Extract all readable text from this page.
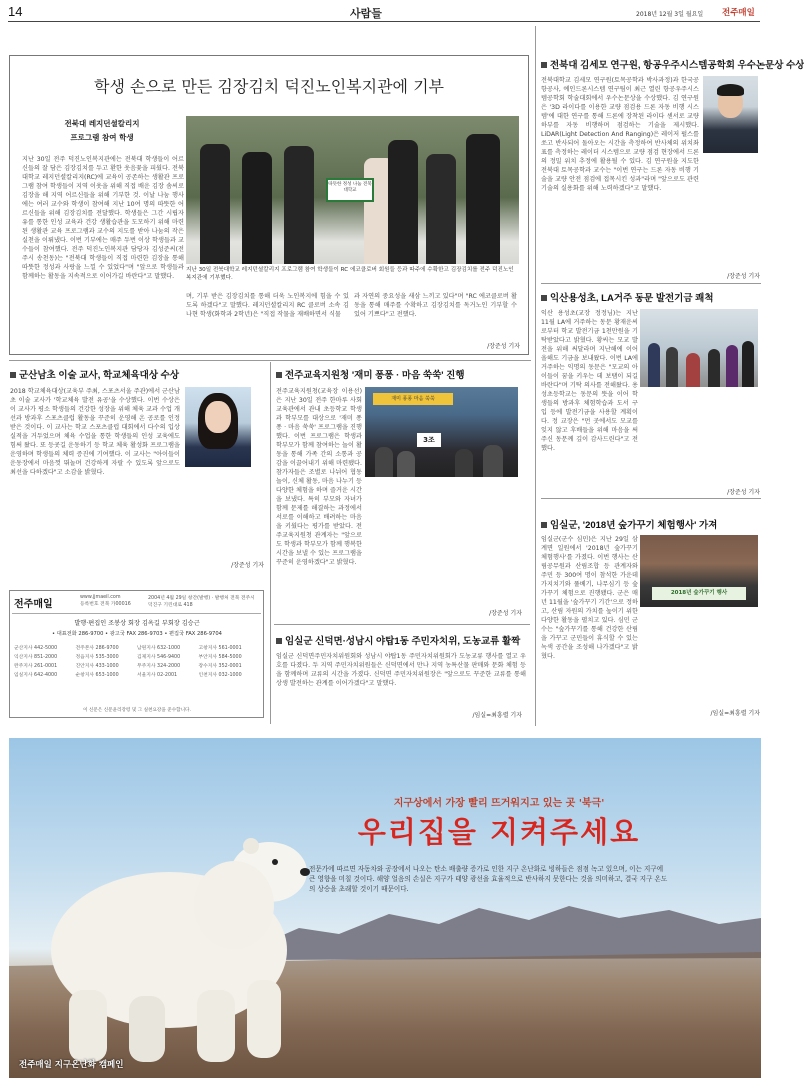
14	사람들	2018년 12월 3일 월요일 전주매일
학생 손으로 만든 김장김치 덕진노인복지관에 기부
전북대 레지던셜칼리지
프로그램 참여 학생
지난 30일 전주 덕진노인복지관에는 전북대 학생들이 어르신들의 잘 담은 김장김치를 두고 환한 웃음꽃을 피웠다. 전북대학교 레지던셜칼리지(RC)에 교육이 공존하는 생활관 프로그램 참여 학생들이 지역 이웃을 위해 직접 배운 김장 솜씨로 김장을 해 지역 어르신들을 위해 기부한 것. 이날 나눔 행사에는 여러 교수와 학생이 참여해 지난 10여 명의 따뜻한 어르신들을 위해 김장김치를 전달했다. 학생들은 그간 시립자유를 통한 인성 교육과 건강 생활습관을 도모하기 위해 마련된 생활관 교육 프로그램과 교수의 지도를 받아 나눔의 작은 실천을 이뤄냈다. 이번 기부에는 매주 두번 이상 학생들과 교수들이 참여했다. 전주 덕진노인복지관 담당자 김성준씨(전주시 송천동)는 "전북대 학생들이 직접 마련한 김장을 통해 따뜻한 정성과 사랑을 느낄 수 있었다"며 "앞으로 학생들과 함께하는 활동을 지속적으로 이어가길 바란다"고 말했다.
따뜻한 정성 나눔 전북대학교
지난 30일 전북대학교 레지던셜칼리지 프로그램 참여 학생들이 RC 에코클로버 회원들 등과 따주에 수확한고 김장김치를 전주 덕진노인복지관에 기부했다.
며, 기부 받은 김장김치를 통해 더욱 노인복지에 힘을 수 있도록 하겠다"고 말했다. 레지던셜칼리지 RC 클로버 소속 김나현 학생(화학과 2학년)은 "직접 작물을 재배하면서 식물
과 자연의 중요성을 새삼 느끼고 있다"며 "RC 에코클로버 활동을 통해 매주를 수확하고 김장김치를 독거노인 기부할 수 있어 기쁘다"고 전했다.
/장준성 기자
전북대 김세모 연구원, 항공우주시스템공학회 우수논문상 수상
전북대학교 김세모 연구원(토목공학과 박사과정)과 한국공항공사, 예인드론시스템 연구팀이 최근 열린 항공우주시스템공학회 학술대회에서 우수논문상을 수상했다. 김 연구원은 '3D 라이다를 이용한 교량 점검용 드론 자동 비행 시스템'에 대한 연구를 통해 드론에 장착된 라이다 센서로 교량 하부를 자동 비행하며 점검하는 기술을 제시했다. LiDAR(Light Detection And Ranging)은 레이저 펄스를 쏘고 반사되어 돌아오는 시간을 측정하여 반사체의 위치좌표를 측정하는 레이더 시스템으로 교량 점검 현장에서 드론의 정밀 위치 추정에 활용될 수 있다. 김 연구원을 지도한 전북대 토목공학과 교수는 "이번 연구는 드론 자동 비행 기술을 교량 안전 점검에 접목시킨 성과"라며 "앞으로도 관련 기술의 실용화를 위해 노력하겠다"고 말했다.
/장준성 기자
익산용성초, LA거주 동문 발전기금 쾌척
익산 용성초(교장 정정님)는 지난 11월 LA에 거주하는 동문 황재운씨로부터 학교 발전기금 1천만원을 기탁받았다고 밝혔다. 황씨는 모교 발전을 위해 써달라며 지난해에 이어 올해도 기금을 보내왔다. 이번 LA에 거주하는 익명의 동문은 "모교의 아이들이 꿈을 키우는 데 보탬이 되길 바란다"며 기탁 의사를 전해왔다. 용성초등학교는 동문의 뜻을 이어 학생들의 방과후 체험학습과 도서 구입 등에 발전기금을 사용할 계획이다. 정 교장은 "먼 곳에서도 모교를 잊지 않고 후배들을 위해 마음을 써주신 동문께 깊이 감사드린다"고 전했다.
/장준성 기자
임실군, '2018년 숲가꾸기 체험행사' 가져
임실군(군수 심민)은 지난 29일 삼계면 일원에서 '2018년 숲가꾸기 체험행사'를 가졌다. 이번 행사는 산림공무원과 산림조합 등 관계자와 주민 등 300여 명이 참석한 가운데 가지치기와 풀베기, 나무심기 등 숲가꾸기 체험으로 진행됐다. 군은 매년 11월을 '숲가꾸기 기간'으로 정하고, 산림 자원의 가치를 높이기 위한 다양한 활동을 펼치고 있다. 심민 군수는 "숲가꾸기를 통해 건강한 산림을 가꾸고 군민들이 휴식할 수 있는 녹색 공간을 조성해 나가겠다"고 밝혔다.
2018년 숲가꾸기 행사
/임실=최흥렬 기자
군산남초 이술 교사, 학교체육대상 수상
2018 학교체육대상(교육부 주최, 스포츠서울 주관)에서 군산남초 이술 교사가 '학교체육 발전 유공'을 수상했다. 이번 수상은 이 교사가 평소 학생들의 건강한 성장을 위해 체육 교과 수업 개선과 방과후 스포츠클럽 활동을 꾸준히 운영해 온 공로를 인정받은 것이다. 이 교사는 학교 스포츠클럽 대회에서 다수의 입상 실적을 거두었으며 체육 수업을 통한 학생들의 인성 교육에도 힘써 왔다. 또 등굣길 운동하기 등 학교 체육 활성화 프로그램을 운영하며 학생들의 체력 증진에 기여했다. 이 교사는 "아이들이 운동장에서 마음껏 뛰놀며 건강하게 자랄 수 있도록 앞으로도 최선을 다하겠다"고 소감을 밝혔다.
/장준성 기자
전주교육지원청 '재미 퐁퐁 · 마음 쑥쑥' 진행
전주교육지원청(교육장 이용선)은 지난 30일 전주 한마루 사회교육관에서 관내 초등학교 학생과 학부모를 대상으로 '재미 퐁퐁 · 마음 쑥쑥' 프로그램을 진행했다. 이번 프로그램은 학생과 학부모가 함께 참여하는 놀이 활동을 통해 가족 간의 소통과 공감을 이끌어내기 위해 마련됐다. 참가자들은 조별로 나뉘어 협동 놀이, 신체 활동, 마음 나누기 등 다양한 체험을 하며 즐거운 시간을 보냈다. 특히 부모와 자녀가 함께 문제를 해결하는 과정에서 서로를 이해하고 배려하는 마음을 키웠다는 평가를 받았다. 전주교육지원청 관계자는 "앞으로도 학생과 학부모가 함께 행복한 시간을 보낼 수 있는 프로그램을 꾸준히 운영하겠다"고 밝혔다.
재미 퐁퐁 마음 쑥쑥
3조
/장준성 기자
전주매일
www.jjmaeil.com
등록번호 전북 가00016
2004년 4월 29일 창간(발행) · 발행처 전북 전주시 덕진구 기린대로 418
발행·편집인 조봉상 회장 김옥길 부회장 김승근
• 대표전화 286-9700 • 광고국 FAX 286-9703 • 편집국 FAX 286-9704
군산지사 442-5000	전주본사 286-9700	남원지사 632-1000	고창지사 561-0001
익산지사 851-2000	정읍지사 535-3000	김제지사 546-9400	부안지사 584-5000
완주지사 261-0001	진안지사 433-1000	무주지사 324-2000	장수지사 352-0001
임실지사 642-4000	순창지사 653-1000	서울지사 02-2001	인천지사 032-1000
이 신문은 신문윤리강령 및 그 실천요강을 준수합니다.
임실군 신덕면·성남시 야탑1동 주민자치위, 도농교류 활짝
임실군 신덕면주민자치위원회와 성남시 야탑1동 주민자치위원회가 도농교류 행사를 열고 우호를 다졌다. 두 지역 주민자치위원들은 신덕면에서 만나 지역 농특산물 판매와 문화 체험 등을 함께하며 교류의 시간을 가졌다. 신덕면 주민자치위원장은 "앞으로도 꾸준한 교류를 통해 상생 발전하는 관계를 이어가겠다"고 말했다.
/임실=최흥렬 기자
지구상에서 가장 빨리 뜨거워지고 있는 곳 '북극'
우리집을 지켜주세요
전문가에 따르면 자동차와 공장에서 나오는 탄소 배출량 증가로 인한 지구 온난화로 빙하들은 점점 녹고 있으며, 이는 지구에 큰 영향을 미칠 것이다. 해양 얼음의 손실은 지구가 태양 광선을 효율적으로 반사하지 못한다는 것을 의미하고, 결국 지구 온도의 상승을 초래할 것이기 때문이다.
전주매일 지구온난화 캠페인
